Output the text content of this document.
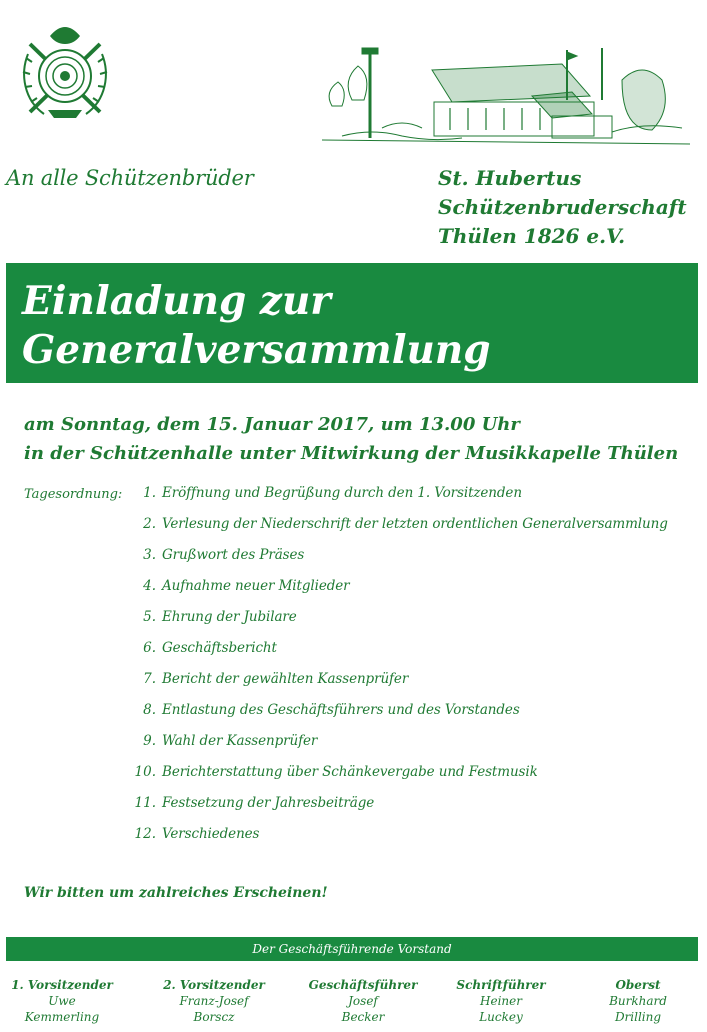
An alle Schützenbrüder	St. Hubertus
Schützenbruderschaft
Thülen 1826 e.V.
Einladung zur
Generalversammlung
am Sonntag, dem 15. Januar 2017, um 13.00 Uhr
in der Schützenhalle unter Mitwirkung der Musikkapelle Thülen
Tagesordnung:	1. Eröffnung und Begrüßung durch den 1. Vorsitzenden
2. Verlesung der Niederschrift der letzten ordentlichen Generalversammlung
3. Grußwort des Präses
4. Aufnahme neuer Mitglieder
5. Ehrung der Jubilare
6. Geschäftsbericht
7. Bericht der gewählten Kassenprüfer
8. Entlastung des Geschäftsführers und des Vorstandes
9. Wahl der Kassenprüfer
10. Berichterstattung über Schänkevergabe und Festmusik
11. Festsetzung der Jahresbeiträge
12. Verschiedenes
Wir bitten um zahlreiches Erscheinen!
Der Geschäftsführende Vorstand
1. Vorsitzender
Uwe
Kemmerling
2. Vorsitzender
Franz-Josef
Borscz
Geschäftsführer
Josef
Becker
Schriftführer
Heiner
Luckey
Oberst
Burkhard
Drilling
